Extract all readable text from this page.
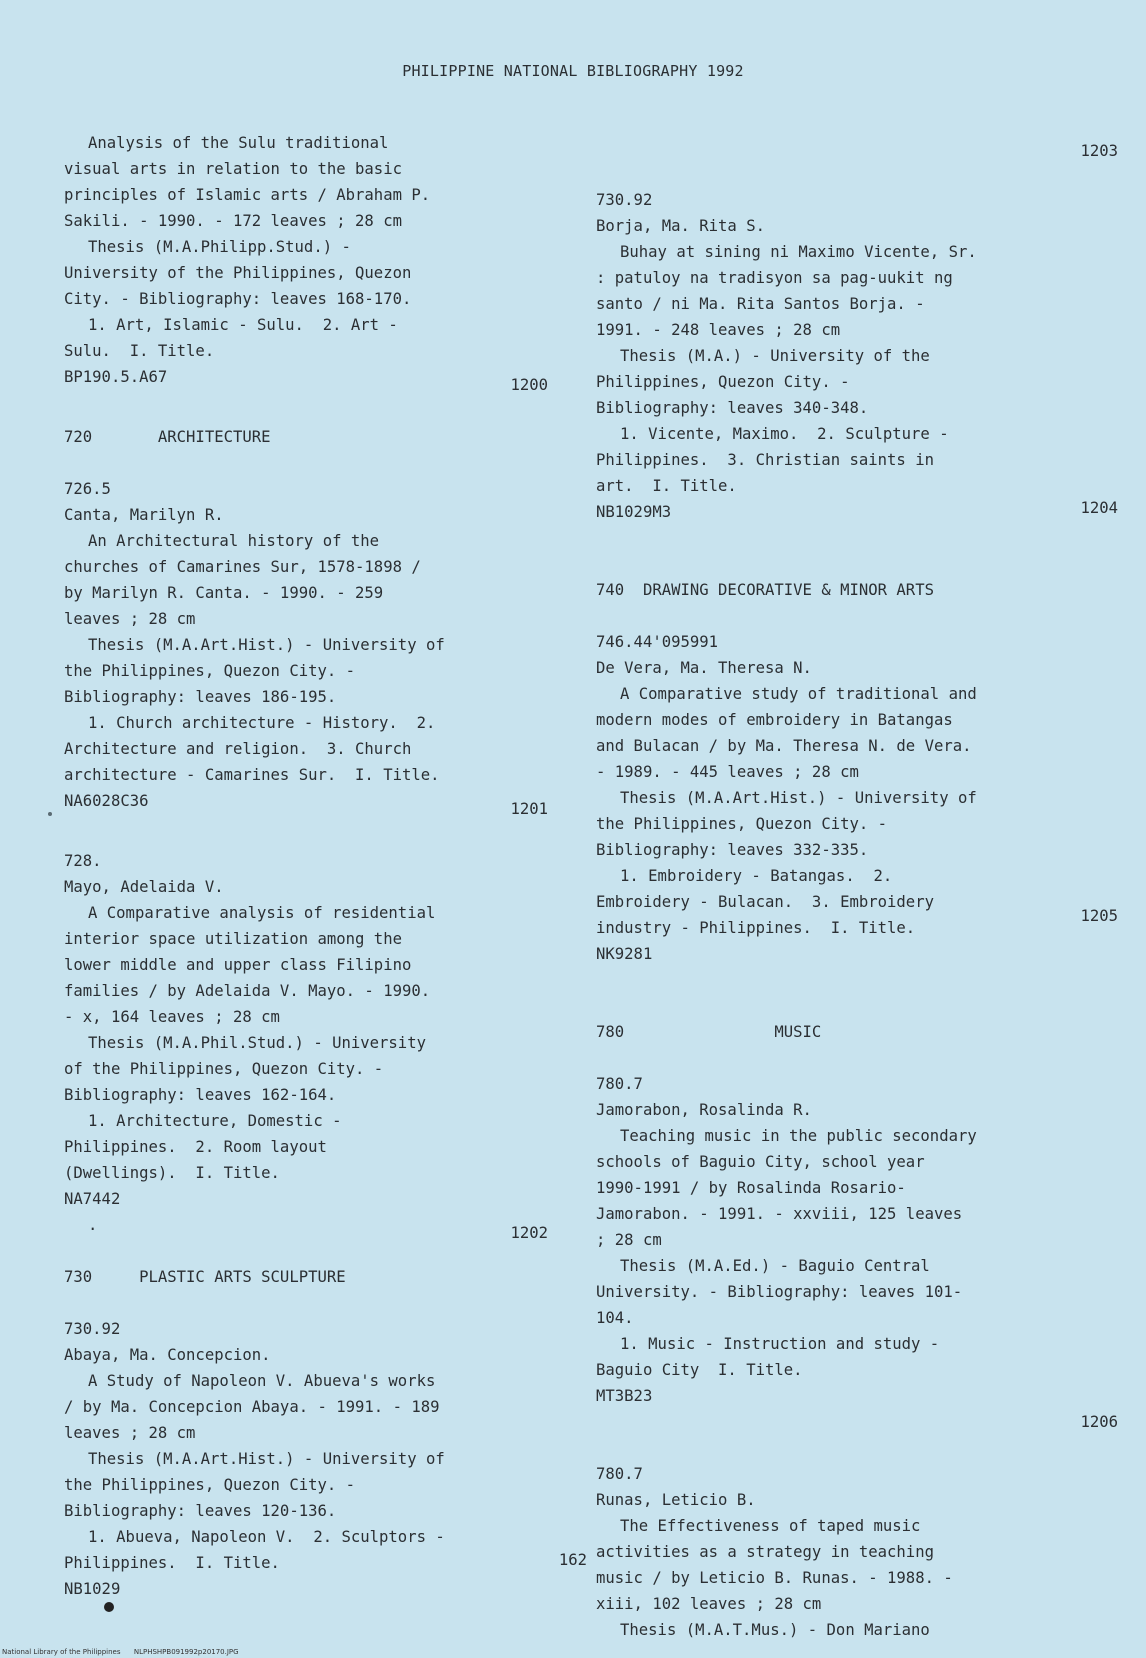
PHILIPPINE NATIONAL BIBLIOGRAPHY 1992
Analysis of the Sulu traditional
visual arts in relation to the basic
principles of Islamic arts / Abraham P.
Sakili. - 1990. - 172 leaves ; 28 cm
Thesis (M.A.Philipp.Stud.) -
University of the Philippines, Quezon
City. - Bibliography: leaves 168-170.
1. Art, Islamic - Sulu.  2. Art -
Sulu.  I. Title.
BP190.5.A67
720       ARCHITECTURE
726.5
Canta, Marilyn R.
An Architectural history of the
churches of Camarines Sur, 1578-1898 /
by Marilyn R. Canta. - 1990. - 259
leaves ; 28 cm
Thesis (M.A.Art.Hist.) - University of
the Philippines, Quezon City. -
Bibliography: leaves 186-195.
1. Church architecture - History.  2.
Architecture and religion.  3. Church
architecture - Camarines Sur.  I. Title.
NA6028C36
728.
Mayo, Adelaida V.
A Comparative analysis of residential
interior space utilization among the
lower middle and upper class Filipino
families / by Adelaida V. Mayo. - 1990.
- x, 164 leaves ; 28 cm
Thesis (M.A.Phil.Stud.) - University
of the Philippines, Quezon City. -
Bibliography: leaves 162-164.
1. Architecture, Domestic -
Philippines.  2. Room layout
(Dwellings).  I. Title.
NA7442
.
730     PLASTIC ARTS SCULPTURE
730.92
Abaya, Ma. Concepcion.
A Study of Napoleon V. Abueva's works
/ by Ma. Concepcion Abaya. - 1991. - 189
leaves ; 28 cm
Thesis (M.A.Art.Hist.) - University of
the Philippines, Quezon City. -
Bibliography: leaves 120-136.
1. Abueva, Napoleon V.  2. Sculptors -
Philippines.  I. Title.
NB1029
1200
1201
1202
730.92
Borja, Ma. Rita S.
Buhay at sining ni Maximo Vicente, Sr.
: patuloy na tradisyon sa pag-uukit ng
santo / ni Ma. Rita Santos Borja. -
1991. - 248 leaves ; 28 cm
Thesis (M.A.) - University of the
Philippines, Quezon City. -
Bibliography: leaves 340-348.
1. Vicente, Maximo.  2. Sculpture -
Philippines.  3. Christian saints in
art.  I. Title.
NB1029M3
740  DRAWING DECORATIVE & MINOR ARTS
746.44'095991
De Vera, Ma. Theresa N.
A Comparative study of traditional and
modern modes of embroidery in Batangas
and Bulacan / by Ma. Theresa N. de Vera.
- 1989. - 445 leaves ; 28 cm
Thesis (M.A.Art.Hist.) - University of
the Philippines, Quezon City. -
Bibliography: leaves 332-335.
1. Embroidery - Batangas.  2.
Embroidery - Bulacan.  3. Embroidery
industry - Philippines.  I. Title.
NK9281
780                MUSIC
780.7
Jamorabon, Rosalinda R.
Teaching music in the public secondary
schools of Baguio City, school year
1990-1991 / by Rosalinda Rosario-
Jamorabon. - 1991. - xxviii, 125 leaves
; 28 cm
Thesis (M.A.Ed.) - Baguio Central
University. - Bibliography: leaves 101-
104.
1. Music - Instruction and study -
Baguio City  I. Title.
MT3B23
780.7
Runas, Leticio B.
The Effectiveness of taped music
activities as a strategy in teaching
music / by Leticio B. Runas. - 1988. -
xiii, 102 leaves ; 28 cm
Thesis (M.A.T.Mus.) - Don Mariano
1203
1204
1205
1206
162
National Library of the Philippines      NLPHSHPB091992p20170.JPG
